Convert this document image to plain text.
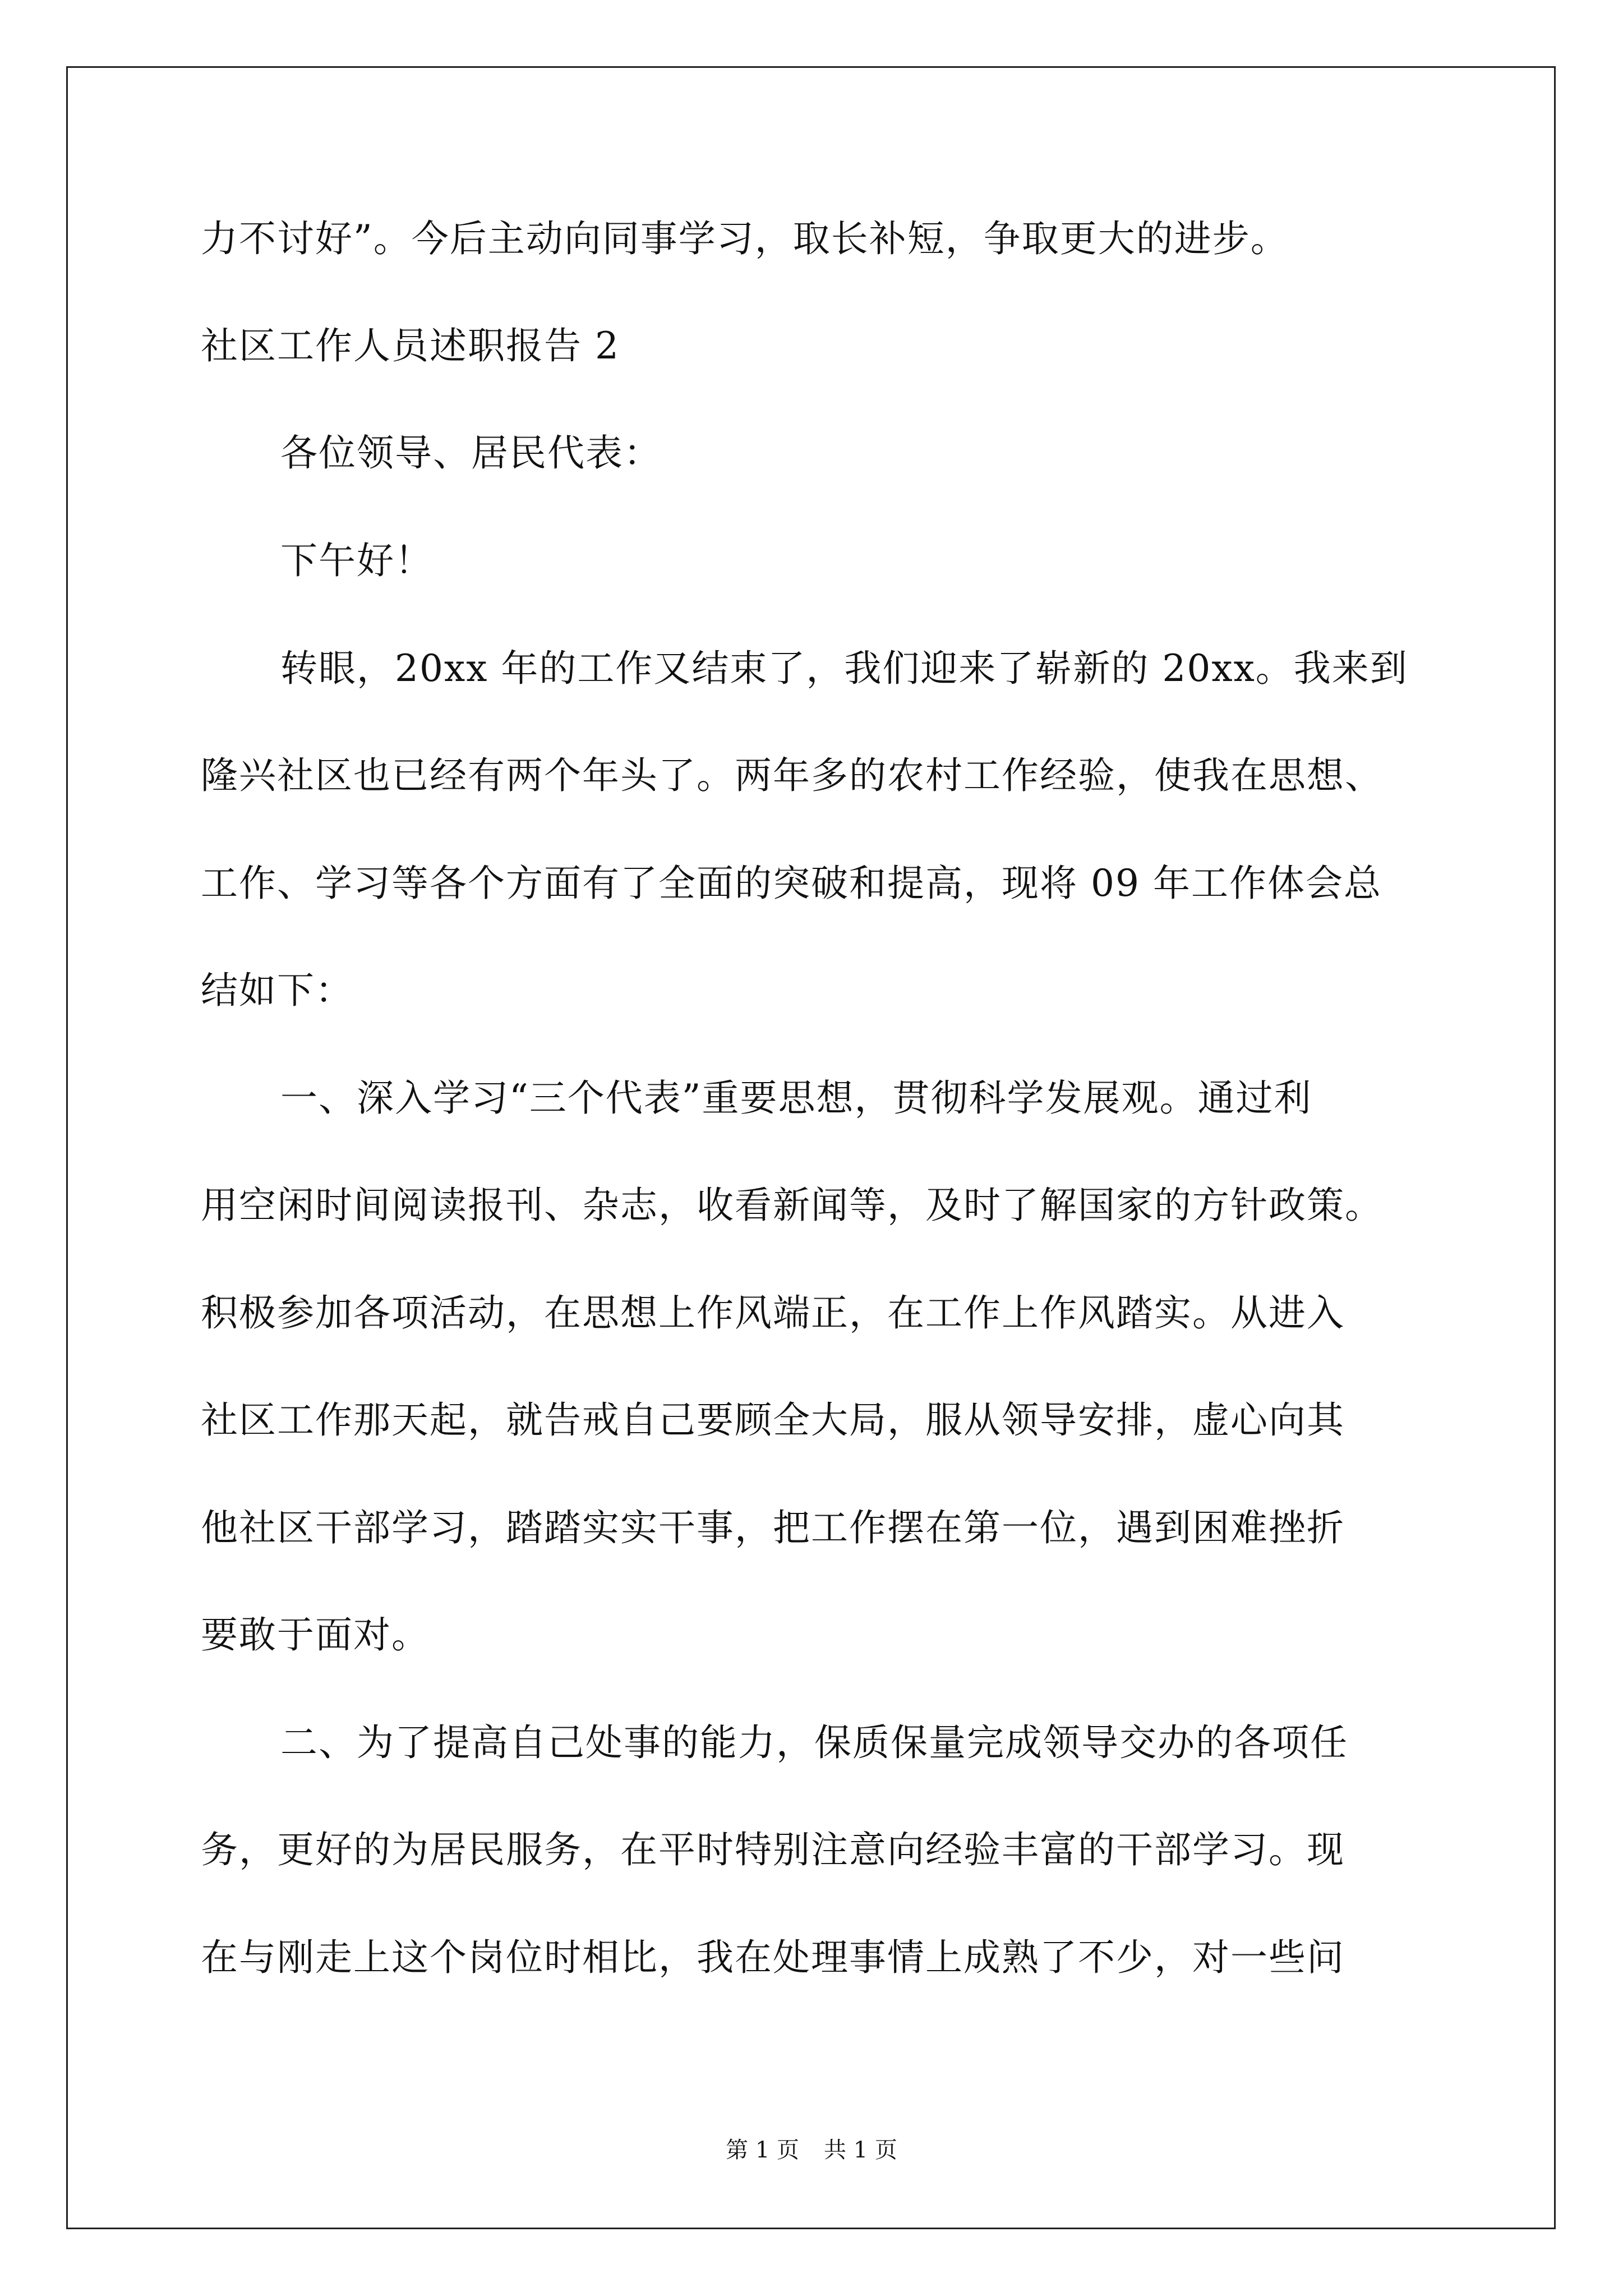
力不讨好”。今后主动向同事学习，取长补短，争取更大的进步。
社区工作人员述职报告 2
各位领导、居民代表：
下午好！
转眼，20xx 年的工作又结束了，我们迎来了崭新的 20xx。我来到
隆兴社区也已经有两个年头了。两年多的农村工作经验，使我在思想、
工作、学习等各个方面有了全面的突破和提高，现将 09 年工作体会总
结如下：
一、深入学习“三个代表”重要思想，贯彻科学发展观。通过利
用空闲时间阅读报刊、杂志，收看新闻等，及时了解国家的方针政策。
积极参加各项活动，在思想上作风端正，在工作上作风踏实。从进入
社区工作那天起，就告戒自己要顾全大局，服从领导安排，虚心向其
他社区干部学习，踏踏实实干事，把工作摆在第一位，遇到困难挫折
要敢于面对。
二、为了提高自己处事的能力，保质保量完成领导交办的各项任
务，更好的为居民服务，在平时特别注意向经验丰富的干部学习。现
在与刚走上这个岗位时相比，我在处理事情上成熟了不少，对一些问
第 1 页 共 1 页
